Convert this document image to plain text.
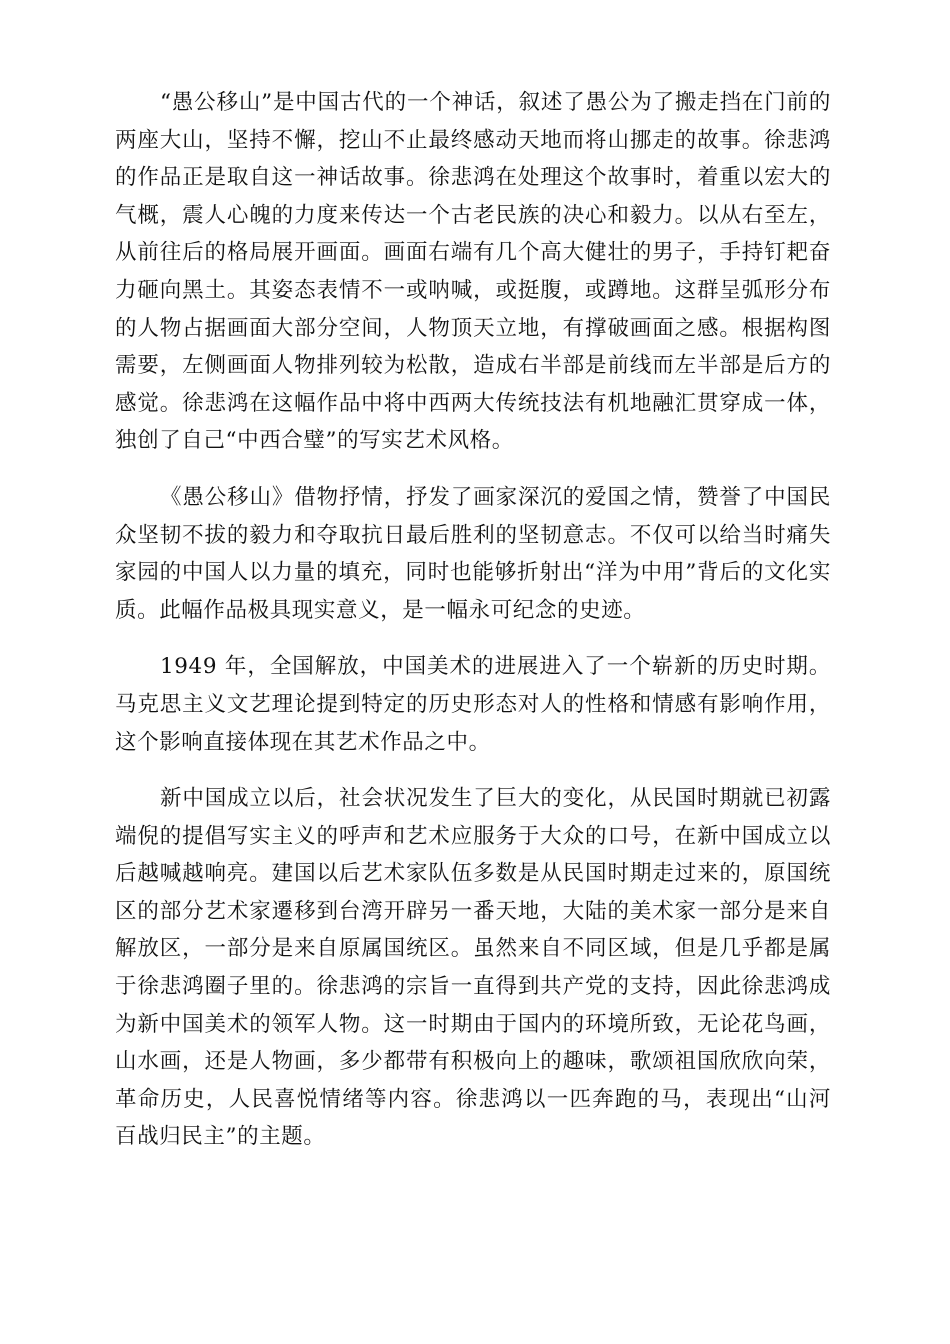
“愚公移山”是中国古代的一个神话，叙述了愚公为了搬走挡在门前的两座大山，坚持不懈，挖山不止最终感动天地而将山挪走的故事。徐悲鸿的作品正是取自这一神话故事。徐悲鸿在处理这个故事时，着重以宏大的气概，震人心魄的力度来传达一个古老民族的决心和毅力。以从右至左，从前往后的格局展开画面。画面右端有几个高大健壮的男子，手持钉耙奋力砸向黑土。其姿态表情不一或呐喊，或挺腹，或蹲地。这群呈弧形分布的人物占据画面大部分空间，人物顶天立地，有撑破画面之感。根据构图需要，左侧画面人物排列较为松散，造成右半部是前线而左半部是后方的感觉。徐悲鸿在这幅作品中将中西两大传统技法有机地融汇贯穿成一体，独创了自己“中西合璧”的写实艺术风格。

《愚公移山》借物抒情，抒发了画家深沉的爱国之情，赞誉了中国民众坚韧不拔的毅力和夺取抗日最后胜利的坚韧意志。不仅可以给当时痛失家园的中国人以力量的填充，同时也能够折射出“洋为中用”背后的文化实质。此幅作品极具现实意义，是一幅永可纪念的史迹。

1949 年，全国解放，中国美术的进展进入了一个崭新的历史时期。马克思主义文艺理论提到特定的历史形态对人的性格和情感有影响作用，这个影响直接体现在其艺术作品之中。

新中国成立以后，社会状况发生了巨大的变化，从民国时期就已初露端倪的提倡写实主义的呼声和艺术应服务于大众的口号，在新中国成立以后越喊越响亮。建国以后艺术家队伍多数是从民国时期走过来的，原国统区的部分艺术家遷移到台湾开辟另一番天地，大陆的美术家一部分是来自解放区，一部分是来自原属国统区。虽然来自不同区域，但是几乎都是属于徐悲鸿圈子里的。徐悲鸿的宗旨一直得到共产党的支持，因此徐悲鸿成为新中国美术的领军人物。这一时期由于国内的环境所致，无论花鸟画，山水画，还是人物画，多少都带有积极向上的趣味，歌颂祖国欣欣向荣，革命历史，人民喜悦情绪等内容。徐悲鸿以一匹奔跑的马，表现出“山河百战归民主”的主题。
